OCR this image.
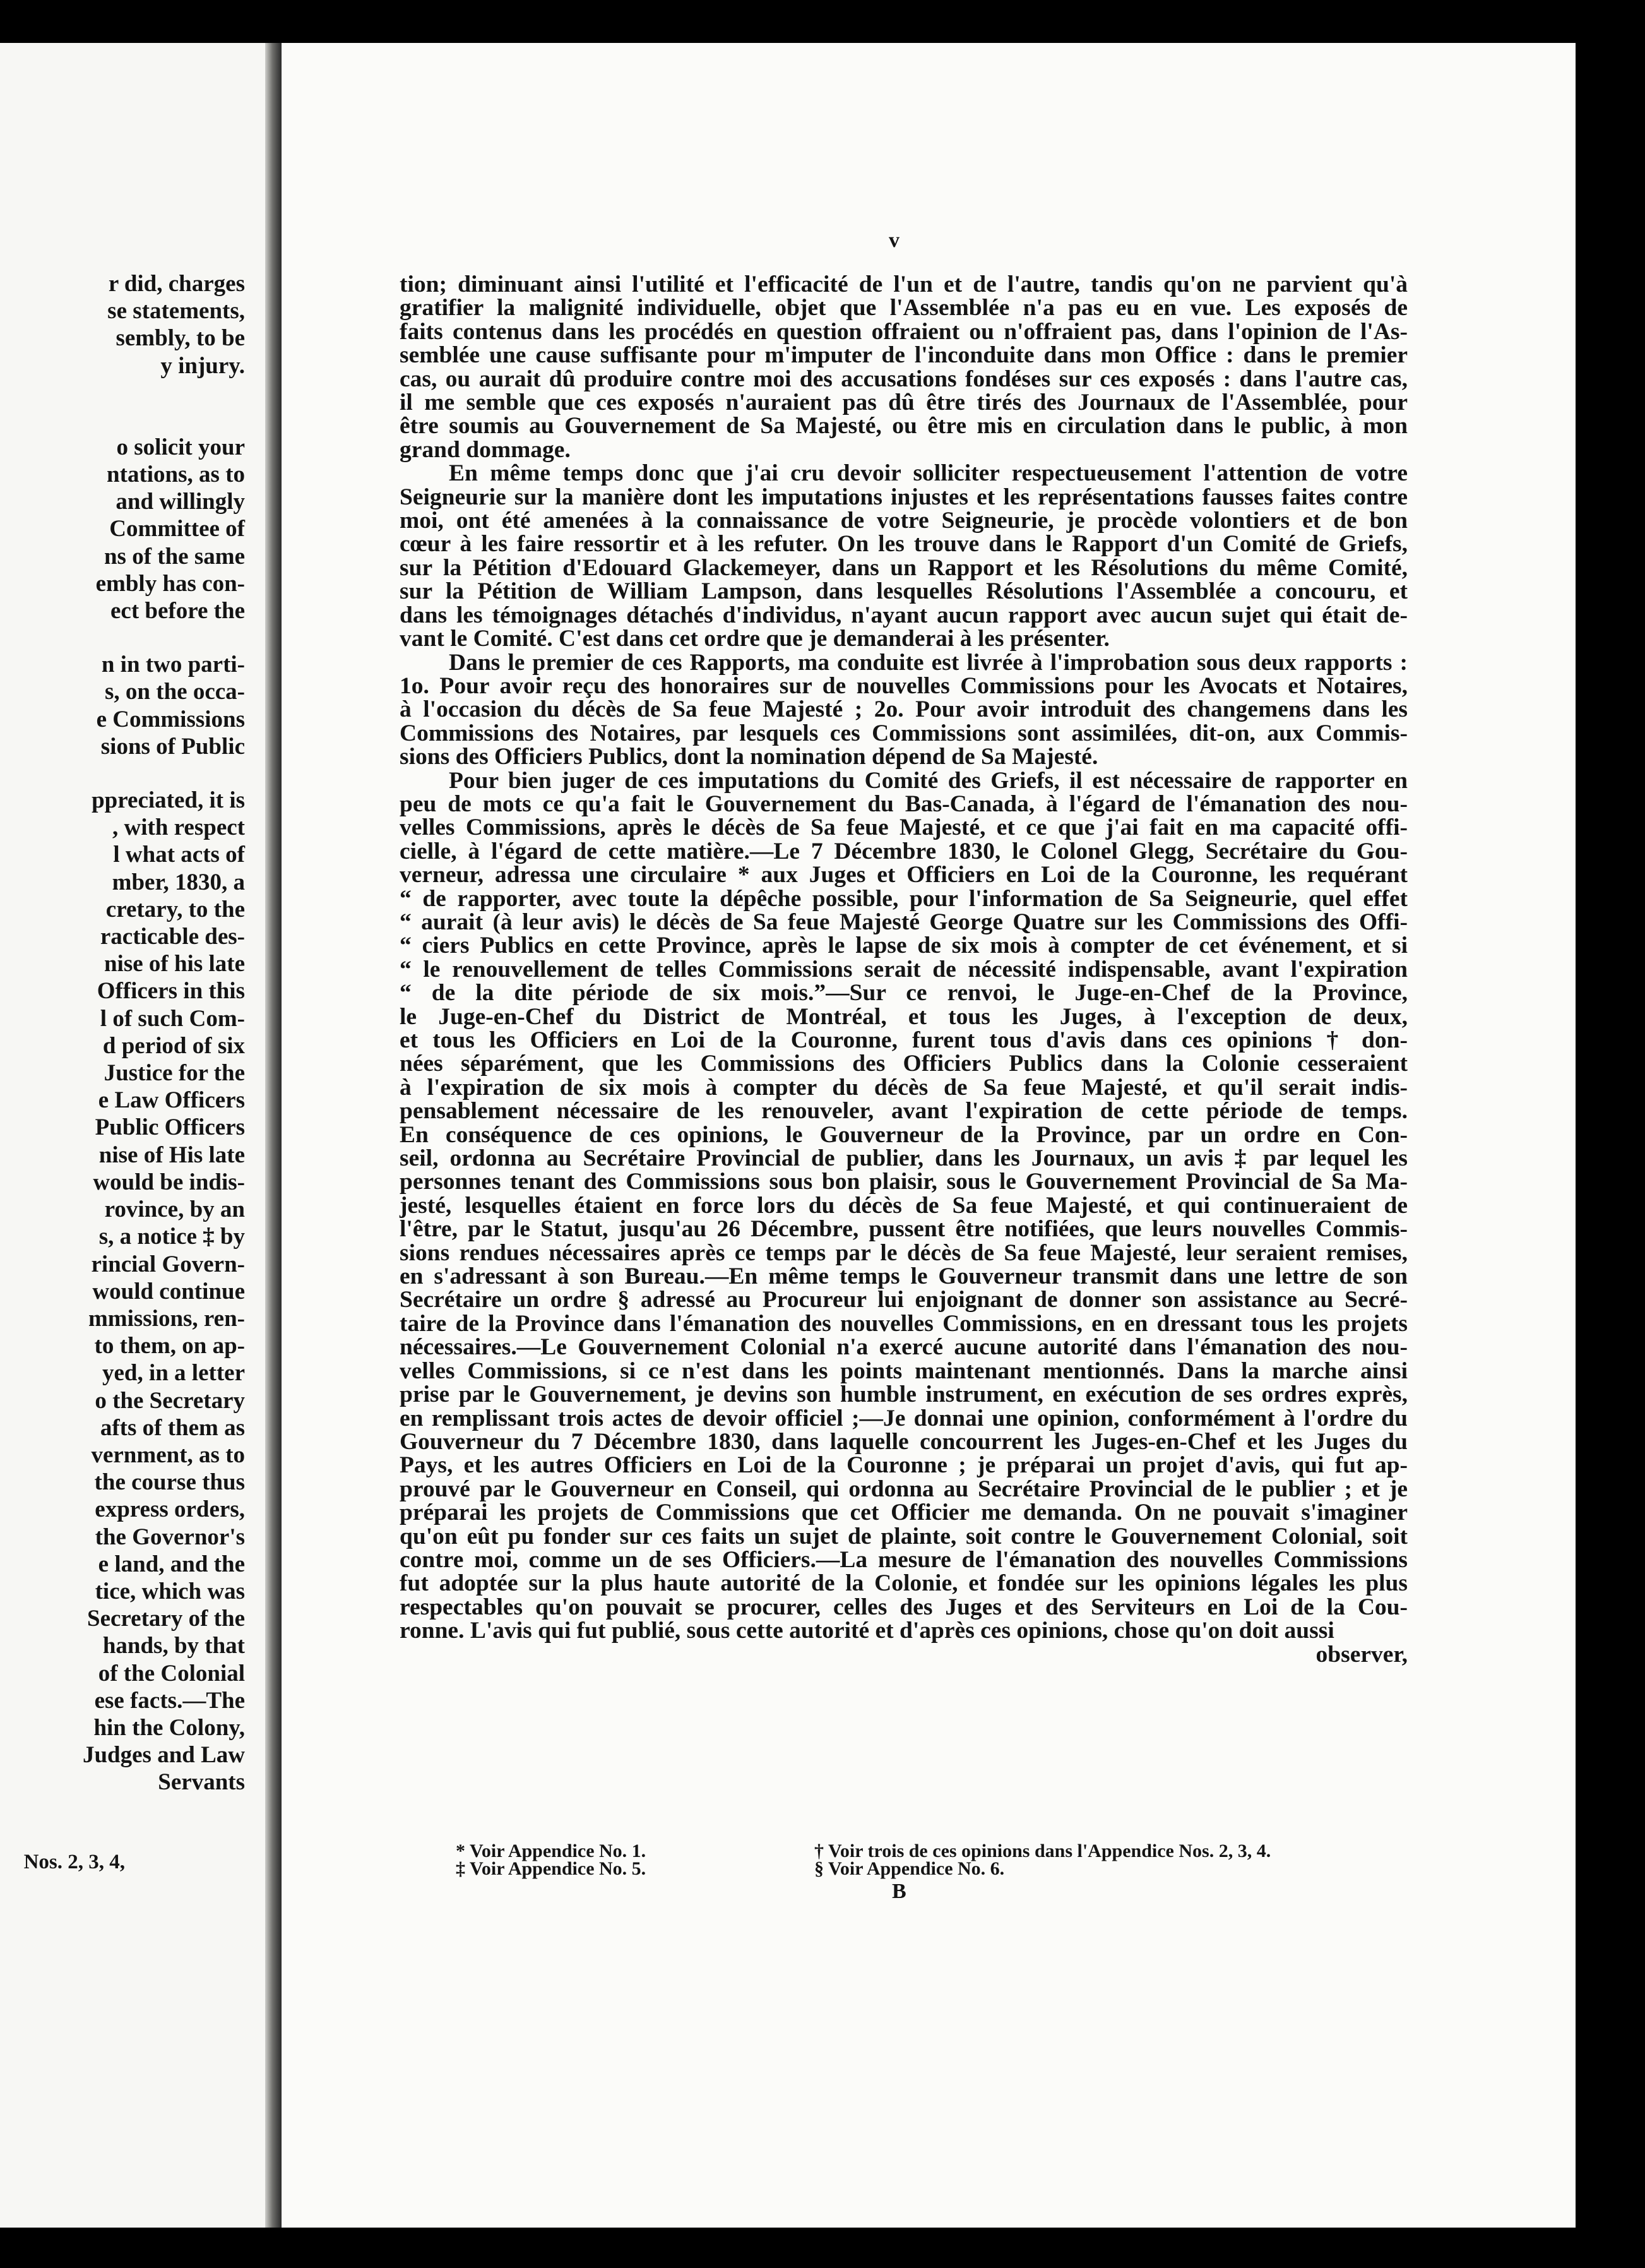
r did, charges
se statements,
sembly, to be
y injury.
o solicit your
ntations, as to
and willingly
Committee of
ns of the same
embly has con-
ect before the
n in two parti-
s, on the occa-
e Commissions
sions of Public
ppreciated, it is
, with respect
l what acts of
mber, 1830, a
cretary, to the
racticable des-
nise of his late
Officers in this
l of such Com-
d period of six
Justice for the
e Law Officers
Public Officers
nise of His late
would be indis-
rovince, by an
s, a notice ‡ by
rincial Govern-
would continue
mmissions, ren-
to them, on ap-
yed, in a letter
o the Secretary
afts of them as
vernment, as to
the course thus
express orders,
the Governor's
e land, and the
tice, which was
Secretary of the
hands, by that
of the Colonial
ese facts.—The
hin the Colony,
Judges and Law
Servants
Nos. 2, 3, 4,
v
tion; diminuant ainsi l'utilité et l'efficacité de l'un et de l'autre, tandis qu'on ne parvient qu'à
gratifier la malignité individuelle, objet que l'Assemblée n'a pas eu en vue. Les exposés de
faits contenus dans les procédés en question offraient ou n'offraient pas, dans l'opinion de l'As-
semblée une cause suffisante pour m'imputer de l'inconduite dans mon Office : dans le premier
cas, ou aurait dû produire contre moi des accusations fondéses sur ces exposés : dans l'autre cas,
il me semble que ces exposés n'auraient pas dû être tirés des Journaux de l'Assemblée, pour
être soumis au Gouvernement de Sa Majesté, ou être mis en circulation dans le public, à mon
grand dommage.
En même temps donc que j'ai cru devoir solliciter respectueusement l'attention de votre
Seigneurie sur la manière dont les imputations injustes et les représentations fausses faites contre
moi, ont été amenées à la connaissance de votre Seigneurie, je procède volontiers et de bon
cœur à les faire ressortir et à les refuter. On les trouve dans le Rapport d'un Comité de Griefs,
sur la Pétition d'Edouard Glackemeyer, dans un Rapport et les Résolutions du même Comité,
sur la Pétition de William Lampson, dans lesquelles Résolutions l'Assemblée a concouru, et
dans les témoignages détachés d'individus, n'ayant aucun rapport avec aucun sujet qui était de-
vant le Comité. C'est dans cet ordre que je demanderai à les présenter.
Dans le premier de ces Rapports, ma conduite est livrée à l'improbation sous deux rapports :
1o. Pour avoir reçu des honoraires sur de nouvelles Commissions pour les Avocats et Notaires,
à l'occasion du décès de Sa feue Majesté ; 2o. Pour avoir introduit des changemens dans les
Commissions des Notaires, par lesquels ces Commissions sont assimilées, dit-on, aux Commis-
sions des Officiers Publics, dont la nomination dépend de Sa Majesté.
Pour bien juger de ces imputations du Comité des Griefs, il est nécessaire de rapporter en
peu de mots ce qu'a fait le Gouvernement du Bas-Canada, à l'égard de l'émanation des nou-
velles Commissions, après le décès de Sa feue Majesté, et ce que j'ai fait en ma capacité offi-
cielle, à l'égard de cette matière.—Le 7 Décembre 1830, le Colonel Glegg, Secrétaire du Gou-
verneur, adressa une circulaire * aux Juges et Officiers en Loi de la Couronne, les requérant
“ de rapporter, avec toute la dépêche possible, pour l'information de Sa Seigneurie, quel effet
“ aurait (à leur avis) le décès de Sa feue Majesté George Quatre sur les Commissions des Offi-
“ ciers Publics en cette Province, après le lapse de six mois à compter de cet événement, et si
“ le renouvellement de telles Commissions serait de nécessité indispensable, avant l'expiration
“ de la dite période de six mois.”—Sur ce renvoi, le Juge-en-Chef de la Province,
le Juge-en-Chef du District de Montréal, et tous les Juges, à l'exception de deux,
et tous les Officiers en Loi de la Couronne, furent tous d'avis dans ces opinions † don-
nées séparément, que les Commissions des Officiers Publics dans la Colonie cesseraient
à l'expiration de six mois à compter du décès de Sa feue Majesté, et qu'il serait indis-
pensablement nécessaire de les renouveler, avant l'expiration de cette période de temps.
En conséquence de ces opinions, le Gouverneur de la Province, par un ordre en Con-
seil, ordonna au Secrétaire Provincial de publier, dans les Journaux, un avis ‡ par lequel les
personnes tenant des Commissions sous bon plaisir, sous le Gouvernement Provincial de Sa Ma-
jesté, lesquelles étaient en force lors du décès de Sa feue Majesté, et qui continueraient de
l'être, par le Statut, jusqu'au 26 Décembre, pussent être notifiées, que leurs nouvelles Commis-
sions rendues nécessaires après ce temps par le décès de Sa feue Majesté, leur seraient remises,
en s'adressant à son Bureau.—En même temps le Gouverneur transmit dans une lettre de son
Secrétaire un ordre § adressé au Procureur lui enjoignant de donner son assistance au Secré-
taire de la Province dans l'émanation des nouvelles Commissions, en en dressant tous les projets
nécessaires.—Le Gouvernement Colonial n'a exercé aucune autorité dans l'émanation des nou-
velles Commissions, si ce n'est dans les points maintenant mentionnés. Dans la marche ainsi
prise par le Gouvernement, je devins son humble instrument, en exécution de ses ordres exprès,
en remplissant trois actes de devoir officiel ;—Je donnai une opinion, conformément à l'ordre du
Gouverneur du 7 Décembre 1830, dans laquelle concourrent les Juges-en-Chef et les Juges du
Pays, et les autres Officiers en Loi de la Couronne ; je préparai un projet d'avis, qui fut ap-
prouvé par le Gouverneur en Conseil, qui ordonna au Secrétaire Provincial de le publier ; et je
préparai les projets de Commissions que cet Officier me demanda. On ne pouvait s'imaginer
qu'on eût pu fonder sur ces faits un sujet de plainte, soit contre le Gouvernement Colonial, soit
contre moi, comme un de ses Officiers.—La mesure de l'émanation des nouvelles Commissions
fut adoptée sur la plus haute autorité de la Colonie, et fondée sur les opinions légales les plus
respectables qu'on pouvait se procurer, celles des Juges et des Serviteurs en Loi de la Cou-
ronne. L'avis qui fut publié, sous cette autorité et d'après ces opinions, chose qu'on doit aussi
observer,
* Voir Appendice No. 1.
‡ Voir Appendice No. 5.
† Voir trois de ces opinions dans l'Appendice Nos. 2, 3, 4.
§ Voir Appendice No. 6.
B
